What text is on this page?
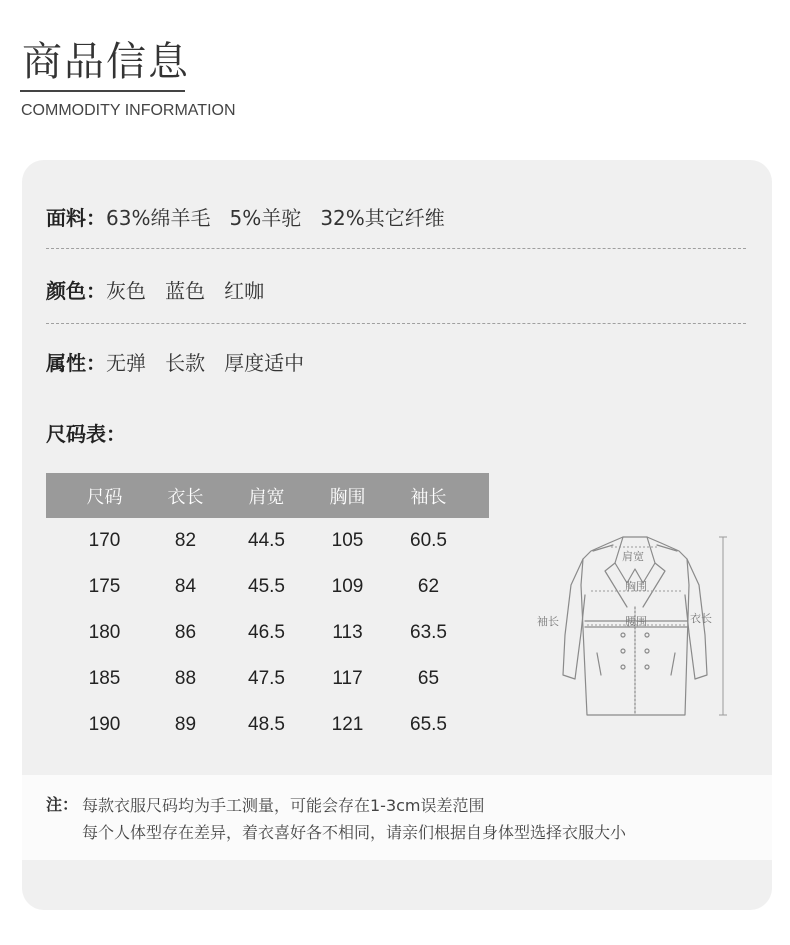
商品信息
COMMODITY INFORMATION
面料：63%绵羊毛   5%羊驼   32%其它纤维
颜色：灰色   蓝色   红咖
属性：无弹   长款   厚度适中
尺码表：
尺码	衣长	肩宽	胸围	袖长
170	82	44.5	105	60.5
175	84	45.5	109	62
180	86	46.5	113	63.5
185	88	47.5	117	65
190	89	48.5	121	65.5
肩宽
胸围
腰围
袖长	衣长
注： 每款衣服尺码均为手工测量，可能会存在1-3cm误差范围
每个人体型存在差异，着衣喜好各不相同，请亲们根据自身体型选择衣服大小
